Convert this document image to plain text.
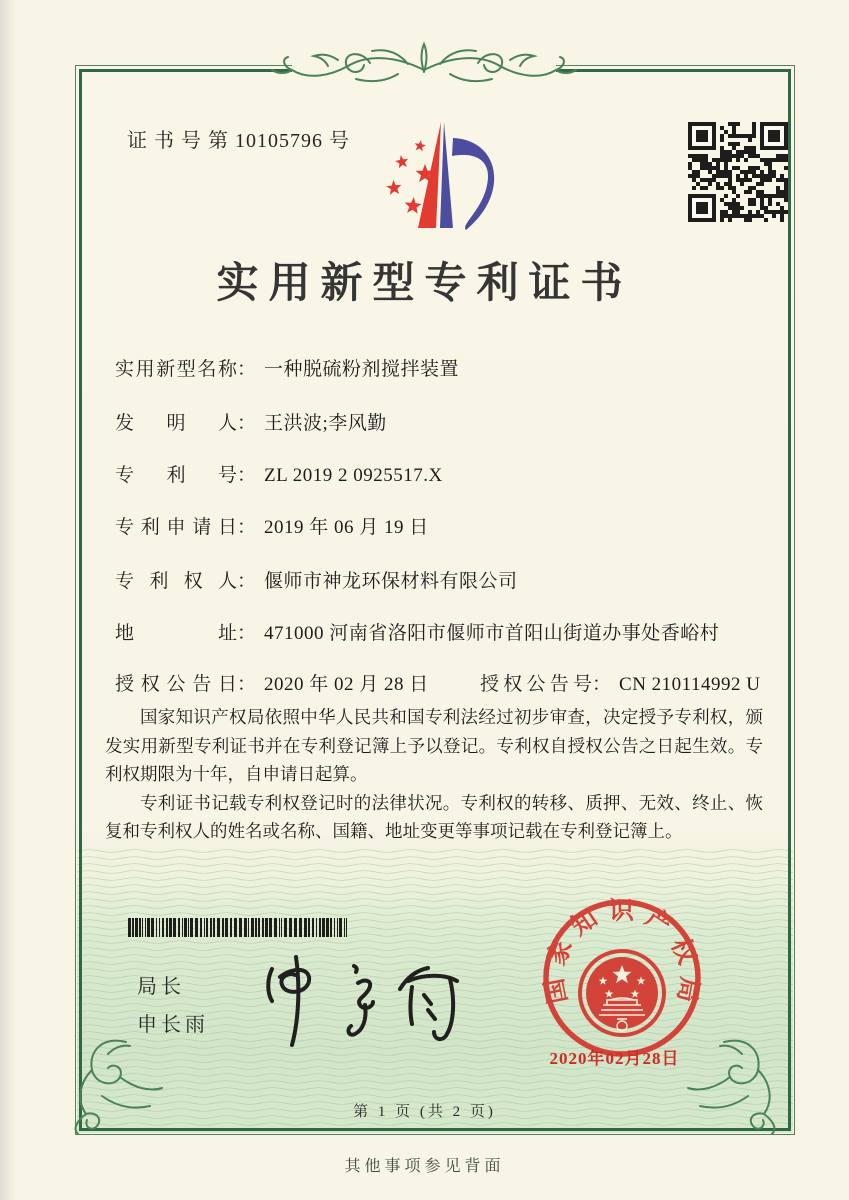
证 书 号 第 10105796 号
实用新型专利证书
实用新型名称 ： 一种脱硫粉剂搅拌装置
发明人 ： 王洪波;李风勤
专利号 ： ZL 2019 2 0925517.X
专利申请日 ： 2019 年 06 月 19 日
专利权人 ： 偃师市神龙环保材料有限公司
地址 ： 471000 河南省洛阳市偃师市首阳山街道办事处香峪村
授权公告日 ： 2020 年 02 月 28 日	授权公告号 ： CN 210114992 U

国家知识产权局依照中华人民共和国专利法经过初步审查，决定授予专利权，颁发实用新型专利证书并在专利登记簿上予以登记。专利权自授权公告之日起生效。专利权期限为十年，自申请日起算。

专利证书记载专利权登记时的法律状况。专利权的转移、质押、无效、终止、恢复和专利权人的姓名或名称、国籍、地址变更等事项记载在专利登记簿上。

局长
申长雨
国家知识产权局
2020年02月28日
第 1 页 (共 2 页)
其他事项参见背面
